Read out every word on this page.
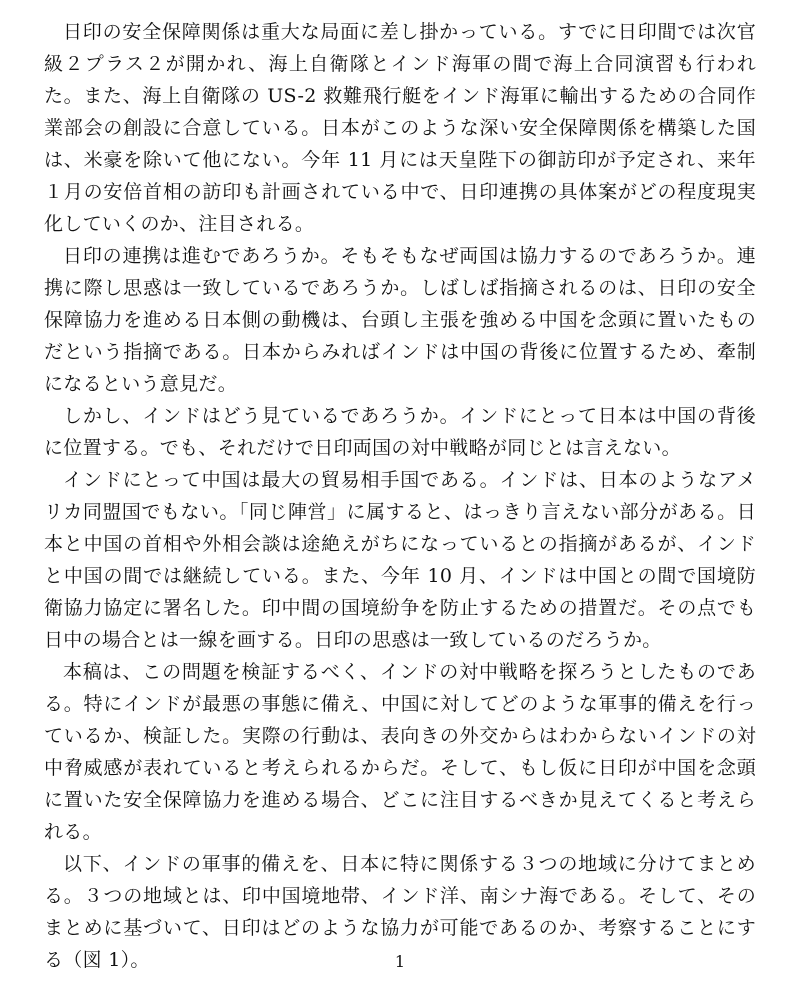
日印の安全保障関係は重大な局面に差し掛かっている。すでに日印間では次官級２プラス２が開かれ、海上自衛隊とインド海軍の間で海上合同演習も行われた。また、海上自衛隊の US-2 救難飛行艇をインド海軍に輸出するための合同作業部会の創設に合意している。日本がこのような深い安全保障関係を構築した国は、米豪を除いて他にない。今年 11 月には天皇陛下の御訪印が予定され、来年１月の安倍首相の訪印も計画されている中で、日印連携の具体案がどの程度現実化していくのか、注目される。

日印の連携は進むであろうか。そもそもなぜ両国は協力するのであろうか。連携に際し思惑は一致しているであろうか。しばしば指摘されるのは、日印の安全保障協力を進める日本側の動機は、台頭し主張を強める中国を念頭に置いたものだという指摘である。日本からみればインドは中国の背後に位置するため、牽制になるという意見だ。

しかし、インドはどう見ているであろうか。インドにとって日本は中国の背後に位置する。でも、それだけで日印両国の対中戦略が同じとは言えない。

インドにとって中国は最大の貿易相手国である。インドは、日本のようなアメリカ同盟国でもない。「同じ陣営」に属すると、はっきり言えない部分がある。日本と中国の首相や外相会談は途絶えがちになっているとの指摘があるが、インドと中国の間では継続している。また、今年 10 月、インドは中国との間で国境防衛協力協定に署名した。印中間の国境紛争を防止するための措置だ。その点でも日中の場合とは一線を画する。日印の思惑は一致しているのだろうか。

本稿は、この問題を検証するべく、インドの対中戦略を探ろうとしたものである。特にインドが最悪の事態に備え、中国に対してどのような軍事的備えを行っているか、検証した。実際の行動は、表向きの外交からはわからないインドの対中脅威感が表れていると考えられるからだ。そして、もし仮に日印が中国を念頭に置いた安全保障協力を進める場合、どこに注目するべきか見えてくると考えられる。

以下、インドの軍事的備えを、日本に特に関係する３つの地域に分けてまとめる。３つの地域とは、印中国境地帯、インド洋、南シナ海である。そして、そのまとめに基づいて、日印はどのような協力が可能であるのか、考察することにする（図 1）。	1
